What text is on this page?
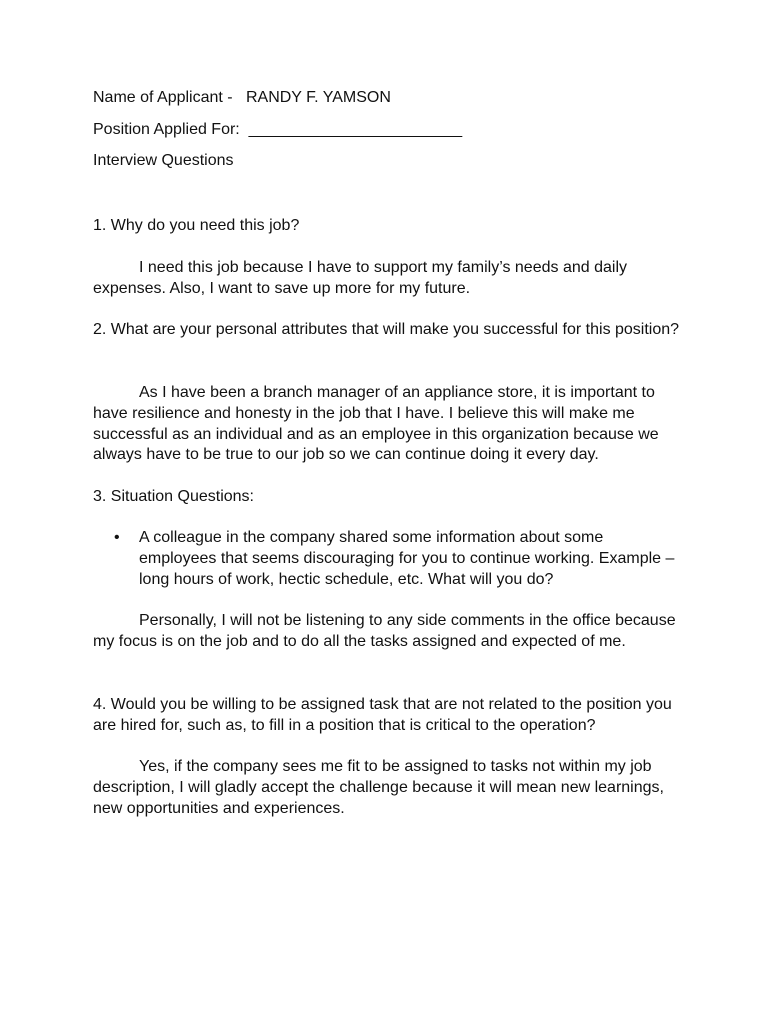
Name of Applicant - RANDY F. YAMSON
Position Applied For: ________________________
Interview Questions
1. Why do you need this job?

I need this job because I have to support my family’s needs and daily expenses. Also, I want to save up more for my future.

2. What are your personal attributes that will make you successful for this position?

As I have been a branch manager of an appliance store, it is important to have resilience and honesty in the job that I have. I believe this will make me successful as an individual and as an employee in this organization because we always have to be true to our job so we can continue doing it every day.

3. Situation Questions:
• A colleague in the company shared some information about some employees that seems discouraging for you to continue working. Example – long hours of work, hectic schedule, etc. What will you do?

Personally, I will not be listening to any side comments in the office because my focus is on the job and to do all the tasks assigned and expected of me.

4. Would you be willing to be assigned task that are not related to the position you are hired for, such as, to fill in a position that is critical to the operation?

Yes, if the company sees me fit to be assigned to tasks not within my job description, I will gladly accept the challenge because it will mean new learnings, new opportunities and experiences.
